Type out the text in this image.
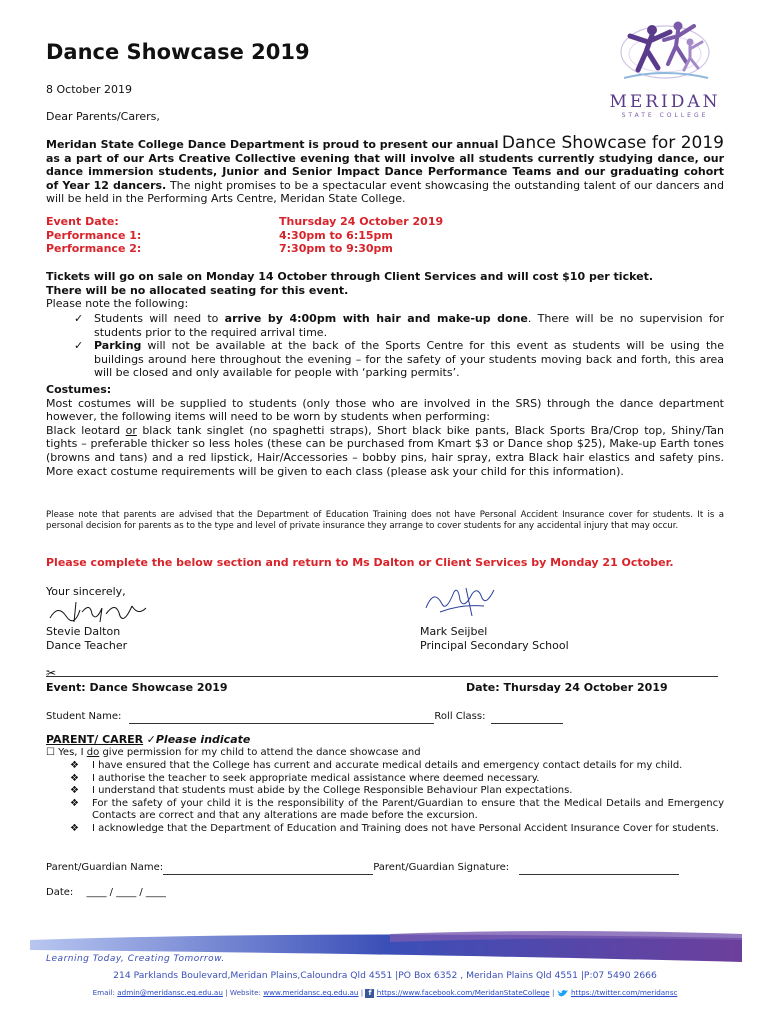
Dance Showcase 2019
8 October 2019
Dear Parents/Carers,
MERIDAN
STATE COLLEGE
Meridan State College Dance Department is proud to present our annual Dance Showcase for 2019 as a part of our Arts Creative Collective evening that will involve all students currently studying dance, our dance immersion students, Junior and Senior Impact Dance Performance Teams and our graduating cohort of Year 12 dancers. The night promises to be a spectacular event showcasing the outstanding talent of our dancers and will be held in the Performing Arts Centre, Meridan State College.
Event Date:	Thursday 24 October 2019
Performance 1:	4:30pm to 6:15pm
Performance 2:	7:30pm to 9:30pm
Tickets will go on sale on Monday 14 October through Client Services and will cost $10 per ticket.
There will be no allocated seating for this event.
Please note the following:
✓ Students will need to arrive by 4:00pm with hair and make-up done. There will be no supervision for students prior to the required arrival time.
✓ Parking will not be available at the back of the Sports Centre for this event as students will be using the buildings around here throughout the evening – for the safety of your students moving back and forth, this area will be closed and only available for people with ‘parking permits’.
Costumes:
Most costumes will be supplied to students (only those who are involved in the SRS) through the dance department however, the following items will need to be worn by students when performing:
Black leotard or black tank singlet (no spaghetti straps), Short black bike pants, Black Sports Bra/Crop top, Shiny/Tan tights – preferable thicker so less holes (these can be purchased from Kmart $3 or Dance shop $25), Make-up Earth tones (browns and tans) and a red lipstick, Hair/Accessories – bobby pins, hair spray, extra Black hair elastics and safety pins. More exact costume requirements will be given to each class (please ask your child for this information).
Please note that parents are advised that the Department of Education Training does not have Personal Accident Insurance cover for students. It is a personal decision for parents as to the type and level of private insurance they arrange to cover students for any accidental injury that may occur.
Please complete the below section and return to Ms Dalton or Client Services by Monday 21 October.
Your sincerely,
Stevie Dalton
Dance Teacher
Mark Seijbel
Principal Secondary School
✂
Event: Dance Showcase 2019	Date: Thursday 24 October 2019
Student Name:	Roll Class:
PARENT/ CARER ✓Please indicate
☐ Yes, I do give permission for my child to attend the dance showcase and
❖	I have ensured that the College has current and accurate medical details and emergency contact details for my child.
❖	I authorise the teacher to seek appropriate medical assistance where deemed necessary.
❖	I understand that students must abide by the College Responsible Behaviour Plan expectations.
❖	For the safety of your child it is the responsibility of the Parent/Guardian to ensure that the Medical Details and Emergency Contacts are correct and that any alterations are made before the excursion.
❖	I acknowledge that the Department of Education and Training does not have Personal Accident Insurance Cover for students.
Parent/Guardian Name:	Parent/Guardian Signature:
Date: ____ / ____ / ____
Learning Today, Creating Tomorrow.
214 Parklands Boulevard,Meridan Plains,Caloundra Qld 4551 |PO Box 6352 , Meridan Plains Qld 4551 |P:07 5490 2666
Email: admin@meridansc.eq.edu.au | Website: www.meridansc.eq.edu.au | f https://www.facebook.com/MeridanStateCollege | https://twitter.com/meridansc
